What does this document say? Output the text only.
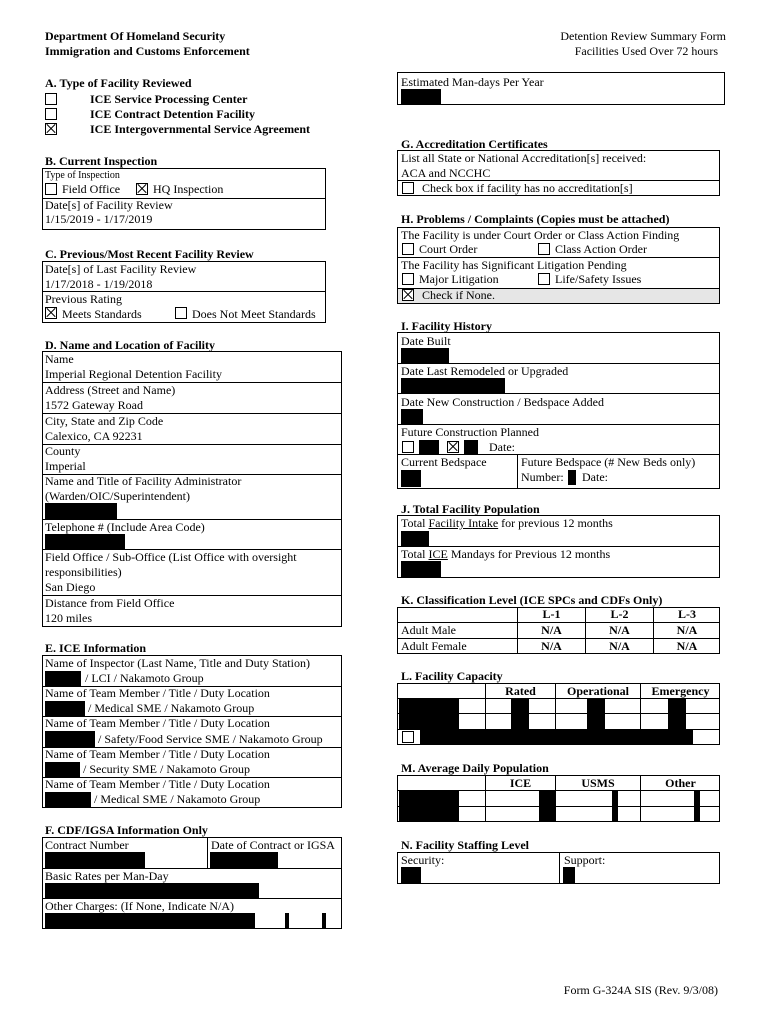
Department Of Homeland Security
Immigration and Customs Enforcement
Detention Review Summary Form
Facilities Used Over 72 hours
A. Type of Facility Reviewed
ICE Service Processing Center
ICE Contract Detention Facility
ICE Intergovernmental Service Agreement
B. Current Inspection
Type of Inspection
Field Office	HQ Inspection
Date[s] of Facility Review
1/15/2019 - 1/17/2019
C. Previous/Most Recent Facility Review
Date[s] of Last Facility Review
1/17/2018 - 1/19/2018
Previous Rating
Meets Standards	Does Not Meet Standards
D. Name and Location of Facility
Name
Imperial Regional Detention Facility
Address (Street and Name)
1572 Gateway Road
City, State and Zip Code
Calexico, CA 92231
County
Imperial
Name and Title of Facility Administrator
(Warden/OIC/Superintendent)
Telephone # (Include Area Code)
Field Office / Sub-Office (List Office with oversight
responsibilities)
San Diego
Distance from Field Office
120 miles
E. ICE Information
Name of Inspector (Last Name, Title and Duty Station)
/ LCI / Nakamoto Group
Name of Team Member / Title / Duty Location
/ Medical SME / Nakamoto Group
Name of Team Member / Title / Duty Location
/ Safety/Food Service SME / Nakamoto Group
Name of Team Member / Title / Duty Location
/ Security SME / Nakamoto Group
Name of Team Member / Title / Duty Location
/ Medical SME / Nakamoto Group
F. CDF/IGSA Information Only
Contract Number	Date of Contract or IGSA
Basic Rates per Man-Day
Other Charges: (If None, Indicate N/A)
Estimated Man-days Per Year
G. Accreditation Certificates
List all State or National Accreditation[s] received:
ACA and NCCHC
Check box if facility has no accreditation[s]
H. Problems / Complaints (Copies must be attached)
The Facility is under Court Order or Class Action Finding
Court Order	Class Action Order
The Facility has Significant Litigation Pending
Major Litigation	Life/Safety Issues
Check if None.
I. Facility History
Date Built
Date Last Remodeled or Upgraded
Date New Construction / Bedspace Added
Future Construction Planned
Date:
Current Bedspace	Future Bedspace (# New Beds only)
Number: Date:
J. Total Facility Population
Total Facility Intake for previous 12 months
Total ICE Mandays for Previous 12 months
K. Classification Level (ICE SPCs and CDFs Only)
L-1	L-2	L-3
Adult Male	N/A	N/A	N/A
Adult Female	N/A	N/A	N/A
L. Facility Capacity
Rated	Operational	Emergency
M. Average Daily Population
ICE	USMS	Other
N. Facility Staffing Level
Security:	Support:
Form G-324A SIS (Rev. 9/3/08)
